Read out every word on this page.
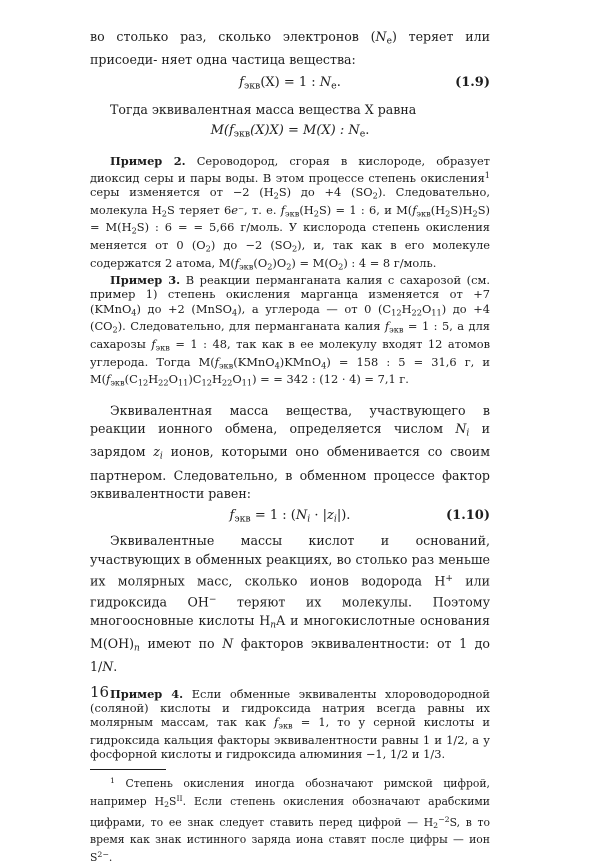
во столько раз, сколько электронов $(N_e)$ теряет или присоеди- няет одна частица вещества:

$f_{экв}(X) = 1$ : $N_e$.	(1.9)

Тогда эквивалентная масса вещества X равна

$M(f_{экв}(X)X) = M(X)$ : $N_e$.

Пример 2. Сероводород, сгорая в кислороде, образует диоксид серы и пары воды. В этом процессе степень окисления$^1$ серы изменяется от −2 $(H_2S)$ до +4 $(SO_2)$. Следовательно, молекула $H_2S$ теряет 6e⁻, т. е. $f_{экв}(H_2S) = 1$ : 6, и $M(f_{экв}(H_2S)H_2S) = M(H_2S)$ : 6 = = 5,66 г/моль. У кислорода степень окисления меняется от 0 $(O_2)$ до −2 $(SO_2)$, и, так как в его молекуле содержатся 2 атома, $M(f_{экв}(O_2)O_2) = M(O_2)$ : 4 = 8 г/моль.

Пример 3. В реакции перманганата калия с сахарозой (см. пример 1) степень окисления марганца изменяется от +7 (KMnO$_4$) до +2 (MnSO$_4$), а углерода — от 0 $(C_{12}H_{22}O_{11})$ до +4 $(CO_2)$. Следовательно, для перманганата калия $f_{экв} = 1$ : 5, а для сахарозы $f_{экв} = 1$ : 48, так как в ее молекулу входят 12 атомов углерода. Тогда $M(f_{экв}(KMnO_4)KMnO_4) = 158$ : 5 = 31,6 г, и $M(f_{экв}(C_{12}H_{22}O_{11})C_{12}H_{22}O_{11})$ = = 342 : (12 · 4) = 7,1 г.

Эквивалентная масса вещества, участвующего в реакции ионного обмена, определяется числом $N_i$ и зарядом $z_i$ ионов, которыми оно обменивается со своим партнером. Следовательно, в обменном процессе фактор эквивалентности равен:

$f_{экв} = 1$ : $(N_i \cdot |z_i|)$.	(1.10)

Эквивалентные массы кислот и оснований, участвующих в обменных реакциях, во столько раз меньше их молярных масс, сколько ионов водорода H+ или гидроксида OH− теряют их молекулы. Поэтому многоосновные кислоты $H_nA$ и многокислотные основания $M(OH)_n$ имеют по N факторов эквивалентности: от 1 до 1/N.

Пример 4. Если обменные эквиваленты хлороводородной (соляной) кислоты и гидроксида натрия всегда равны их молярным массам, так как $f_{экв} = 1$, то у серной кислоты и гидроксида кальция факторы эквивалентности равны 1 и 1/2, а у фосфорной кислоты и гидроксида алюминия −1, 1/2 и 1/3.

$^1$ Степень окисления иногда обозначают римской цифрой, например $H_2S^{II}$. Если степень окисления обозначают арабскими цифрами, то ее знак следует ставить перед цифрой — $H_2^{-2}S$, в то время как знак истинного заряда иона ставят после цифры — ион $S^{2-}$.

16
